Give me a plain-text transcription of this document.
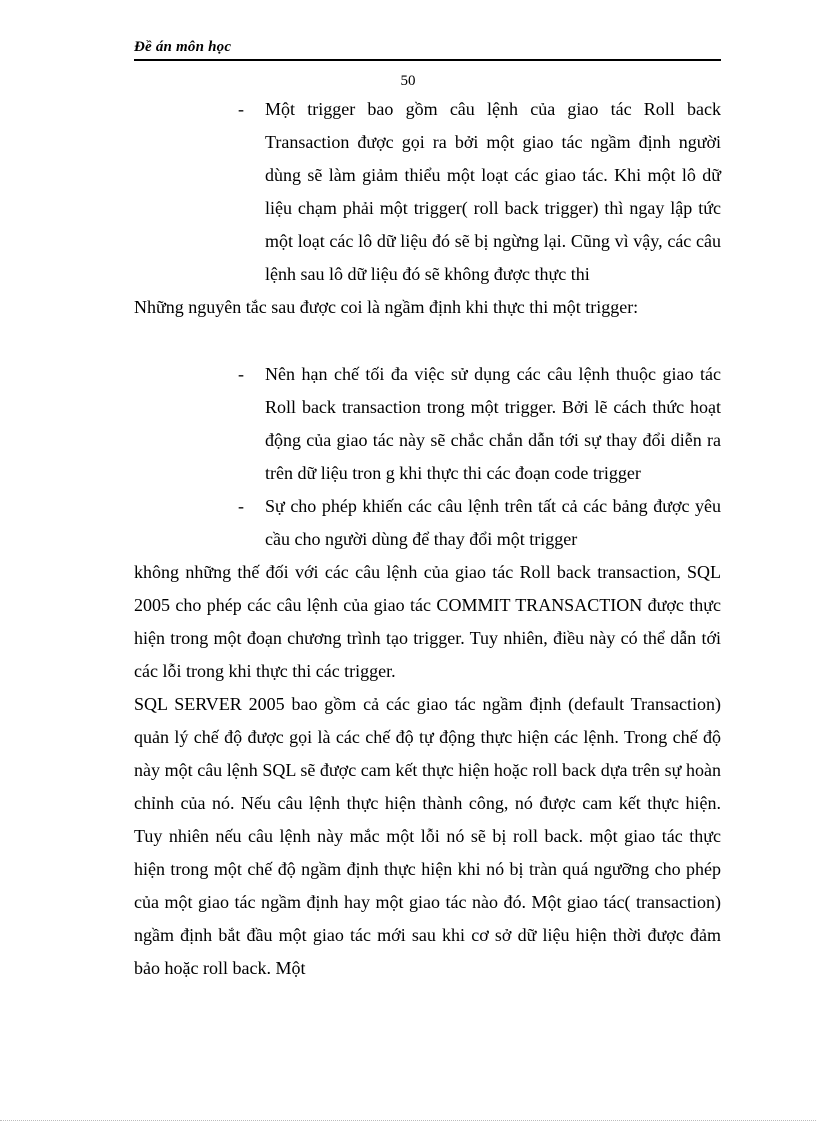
Đề án môn học
50
- Một trigger bao gồm câu lệnh của giao tác Roll back Transaction được gọi ra bởi một giao tác ngầm định người dùng sẽ làm giảm thiểu một loạt các giao tác. Khi một lô dữ liệu chạm phải một trigger( roll back trigger) thì ngay lập tức một loạt các lô dữ liệu đó sẽ bị ngừng lại. Cũng vì vậy, các câu lệnh sau lô dữ liệu đó sẽ không được thực thi

Những nguyên tắc sau được coi là ngầm định khi thực thi một trigger:

- Nên hạn chế tối đa việc sử dụng các câu lệnh thuộc giao tác Roll back transaction trong một trigger. Bởi lẽ cách thức hoạt động của giao tác này sẽ chắc chắn dẫn tới sự thay đổi diễn ra trên dữ liệu tron g khi thực thi các đoạn code trigger
- Sự cho phép khiến các câu lệnh trên tất cả các bảng được yêu cầu cho người dùng để thay đổi một trigger

không những thế đối với các câu lệnh của giao tác Roll back transaction, SQL 2005 cho phép các câu lệnh của giao tác COMMIT TRANSACTION được thực hiện trong một đoạn chương trình tạo trigger. Tuy nhiên, điều này có thể dẫn tới các lỗi trong khi thực thi các trigger.

SQL SERVER 2005 bao gồm cả các giao tác ngầm định (default Transaction) quản lý chế độ được gọi là các chế độ tự động thực hiện các lệnh. Trong chế độ này một câu lệnh SQL sẽ được cam kết thực hiện hoặc roll back dựa trên sự hoàn chỉnh của nó. Nếu câu lệnh thực hiện thành công, nó được cam kết thực hiện. Tuy nhiên nếu câu lệnh này mắc một lỗi nó sẽ bị roll back. một giao tác thực hiện trong một chế độ ngầm định thực hiện khi nó bị tràn quá ngưỡng cho phép của một giao tác ngầm định hay một giao tác nào đó. Một giao tác( transaction) ngầm định bắt đầu một giao tác mới sau khi cơ sở dữ liệu hiện thời được đảm bảo hoặc roll back. Một
